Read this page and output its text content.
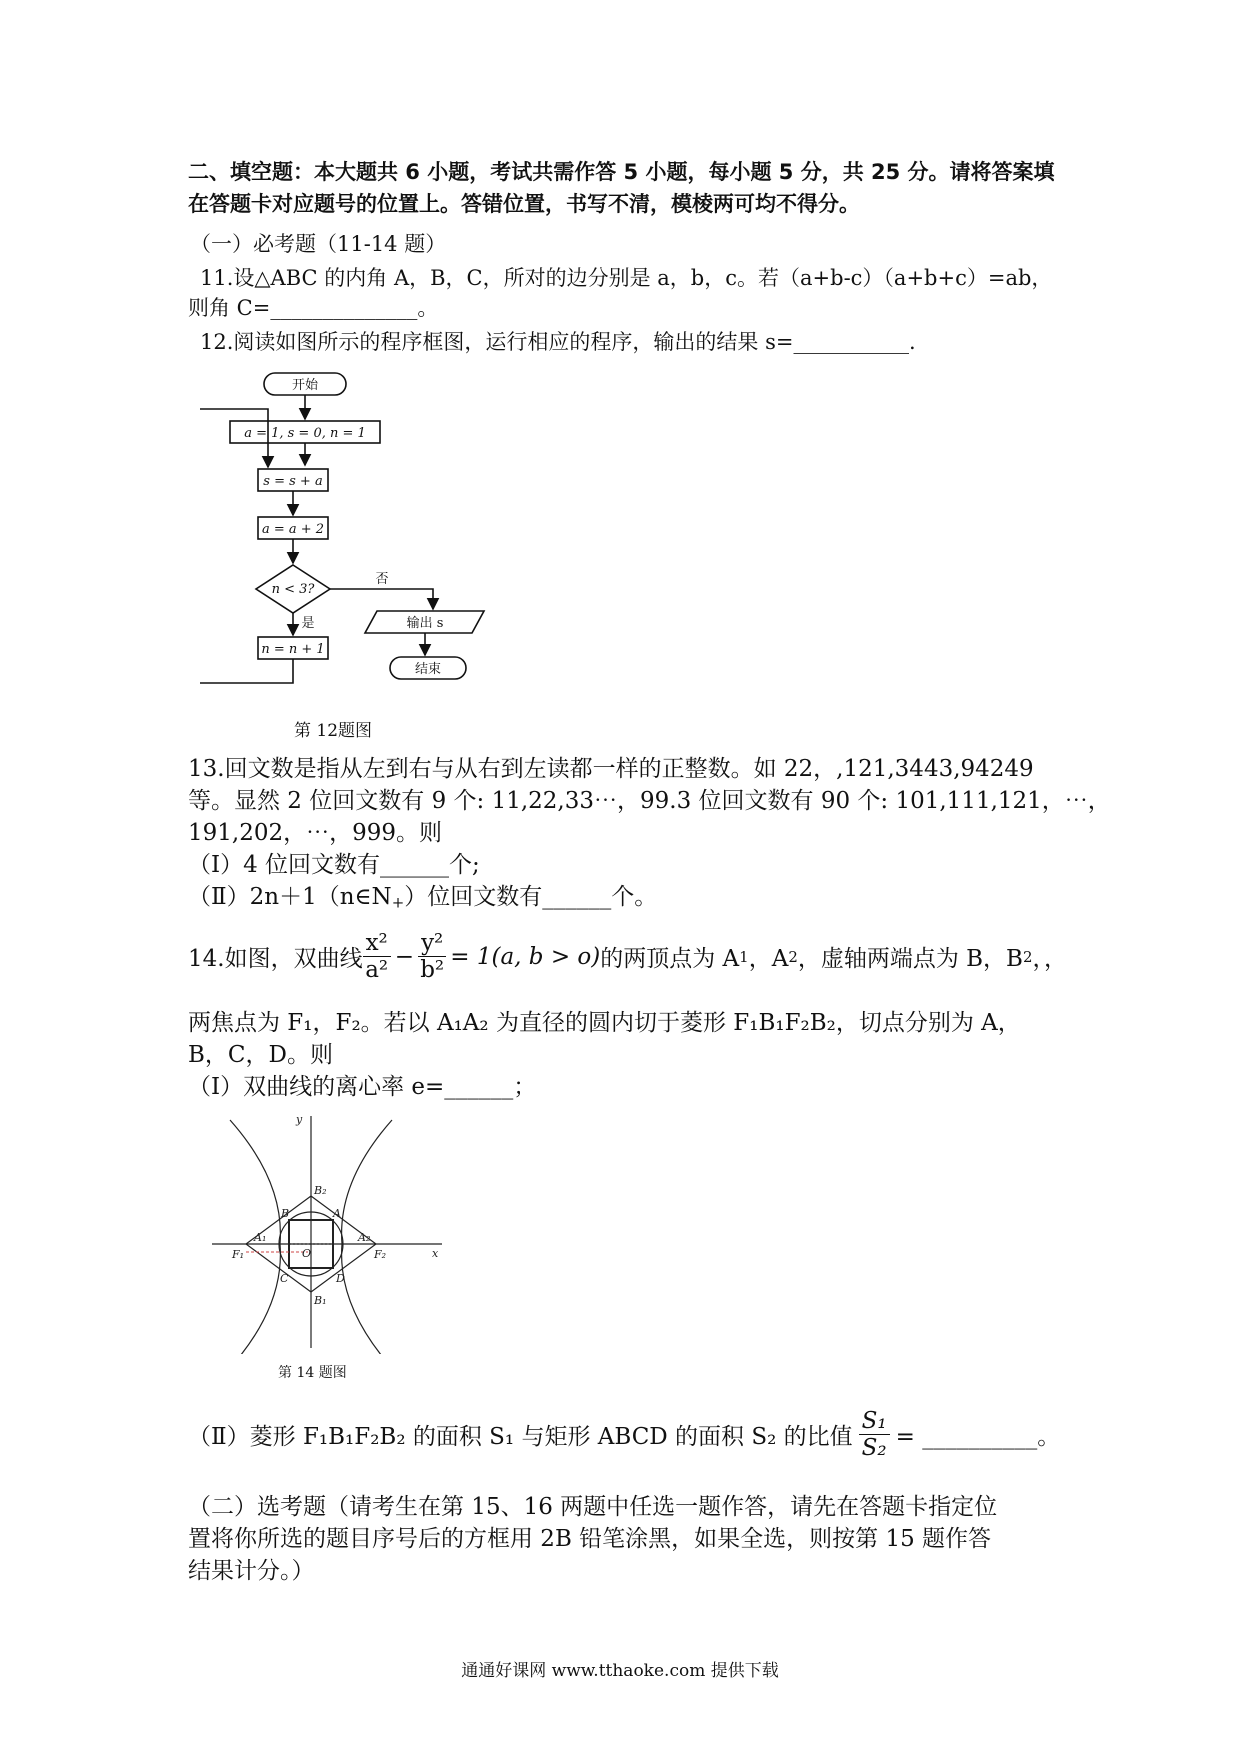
二、填空题：本大题共 6 小题，考试共需作答 5 小题，每小题 5 分，共 25 分。请将答案填
在答题卡对应题号的位置上。答错位置，书写不清，模棱两可均不得分。
（一）必考题（11-14 题）
11.设△ABC 的内角 A，B，C，所对的边分别是 a，b，c。若（a+b-c）（a+b+c）=ab，
则角 C=______________。
12.阅读如图所示的程序框图，运行相应的程序，输出的结果 s=___________.
开始
a = 1, s = 0, n = 1
s = s + a
a = a + 2
n < 3?
否
是	输出 s
n = n + 1
结束
第 12题图
13.回文数是指从左到右与从右到左读都一样的正整数。如 22，,121,3443,94249
等。显然 2 位回文数有 9 个: 11,22,33⋯，99.3 位回文数有 90 个: 101,111,121，⋯，
191,202，⋯，999。则
（Ⅰ）4 位回文数有______个;
$(Ⅱ)2n+1(n\in N_+)$位回文数有______个。
14.如图，双曲线 $\frac{\text{x²}}{\text{a²}} - \frac{\text{y²}}{\text{b²}} = 1(a$, b > o) 的两顶点为 A 1 ，A 2 ，虚轴两端点为 B，B 2 ，，
两焦点为 F₁，F₂。若以 A₁A₂ 为直径的圆内切于菱形 F₁B₁F₂B₂，切点分别为 A，
B，C，D。则
（Ⅰ）双曲线的离心率 e=______；
y
x
B₂
B₁
A₁	A₂
F₁	F₂
O
A
B
C	D
第 14 题图
（Ⅱ）菱形 F₁B₁F₂B₂ 的面积 S₁ 与矩形 ABCD 的面积 S₂ 的比值 $\frac{\text{S₁}}{\text{S₂}}$ = __________。
（二）选考题（请考生在第 15、16 两题中任选一题作答，请先在答题卡指定位
置将你所选的题目序号后的方框用 2B 铅笔涂黑，如果全选，则按第 15 题作答
结果计分。）
通通好课网 www.tthaoke.com 提供下载
